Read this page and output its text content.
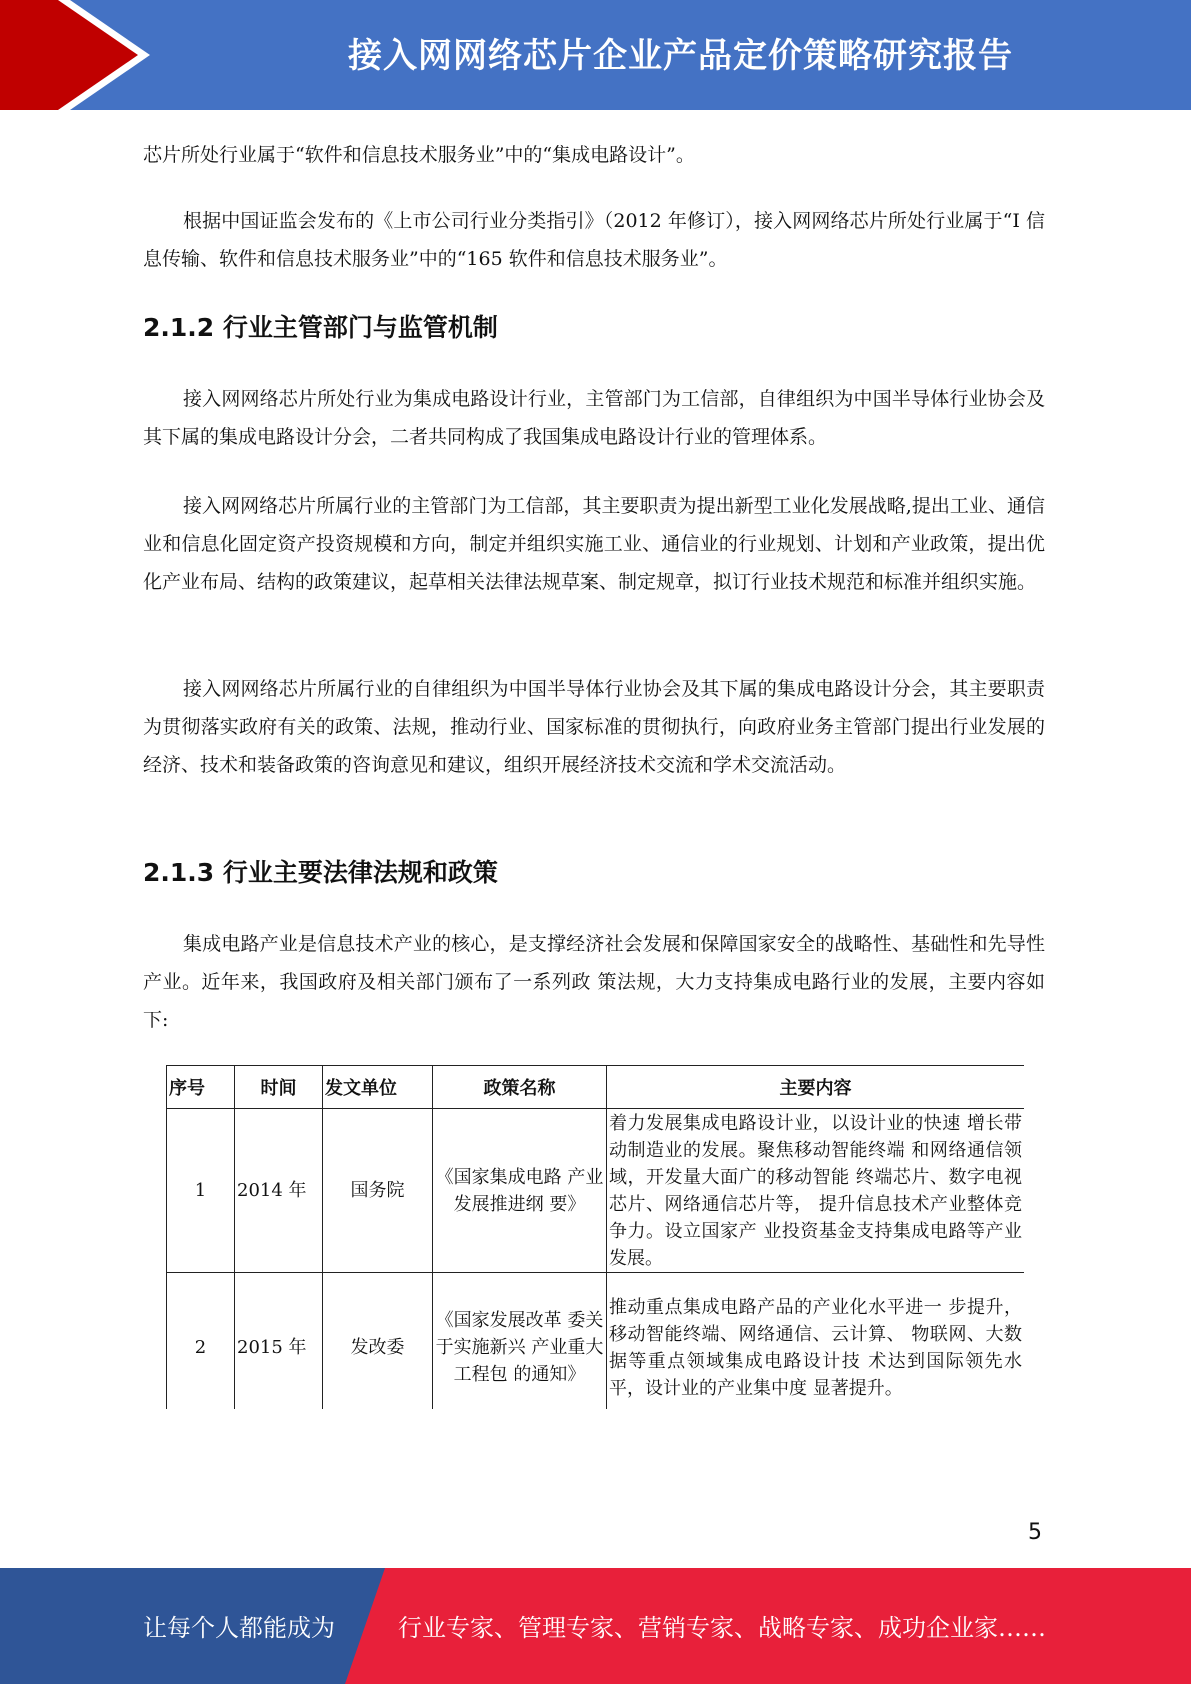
接入网网络芯片企业产品定价策略研究报告

芯片所处行业属于“软件和信息技术服务业”中的“集成电路设计”。

根据中国证监会发布的《上市公司行业分类指引》（2012 年修订），接入网网络芯片所处行业属于“I 信息传输、软件和信息技术服务业”中的“165 软件和信息技术服务业”。

2.1.2 行业主管部门与监管机制

接入网网络芯片所处行业为集成电路设计行业，主管部门为工信部，自律组织为中国半导体行业协会及其下属的集成电路设计分会，二者共同构成了我国集成电路设计行业的管理体系。

接入网网络芯片所属行业的主管部门为工信部，其主要职责为提出新型工业化发展战略,提出工业、通信业和信息化固定资产投资规模和方向，制定并组织实施工业、通信业的行业规划、计划和产业政策，提出优化产业布局、结构的政策建议，起草相关法律法规草案、制定规章，拟订行业技术规范和标准并组织实施。

接入网网络芯片所属行业的自律组织为中国半导体行业协会及其下属的集成电路设计分会，其主要职责为贯彻落实政府有关的政策、法规，推动行业、国家标准的贯彻执行，向政府业务主管部门提出行业发展的经济、技术和装备政策的咨询意见和建议，组织开展经济技术交流和学术交流活动。

2.1.3 行业主要法律法规和政策

集成电路产业是信息技术产业的核心，是支撑经济社会发展和保障国家安全的战略性、基础性和先导性产业。近年来，我国政府及相关部门颁布了一系列政 策法规，大力支持集成电路行业的发展，主要内容如下:

序号	时间	发文单位	政策名称	主要内容
1	2014 年	国务院	《国家集成电路 产业发展推进纲 要》	着力发展集成电路设计业，以设计业的快速 增长带动制造业的发展。聚焦移动智能终端 和网络通信领域，开发量大面广的移动智能 终端芯片、数字电视芯片、网络通信芯片等， 提升信息技术产业整体竞争力。设立国家产 业投资基金支持集成电路等产业发展。
2	2015 年	发改委	《国家发展改革 委关于实施新兴 产业重大工程包 的通知》	推动重点集成电路产品的产业化水平进一 步提升，移动智能终端、网络通信、云计算、 物联网、大数据等重点领域集成电路设计技 术达到国际领先水平，设计业的产业集中度 显著提升。
5
让每个人都能成为	行业专家、管理专家、营销专家、战略专家、成功企业家……
